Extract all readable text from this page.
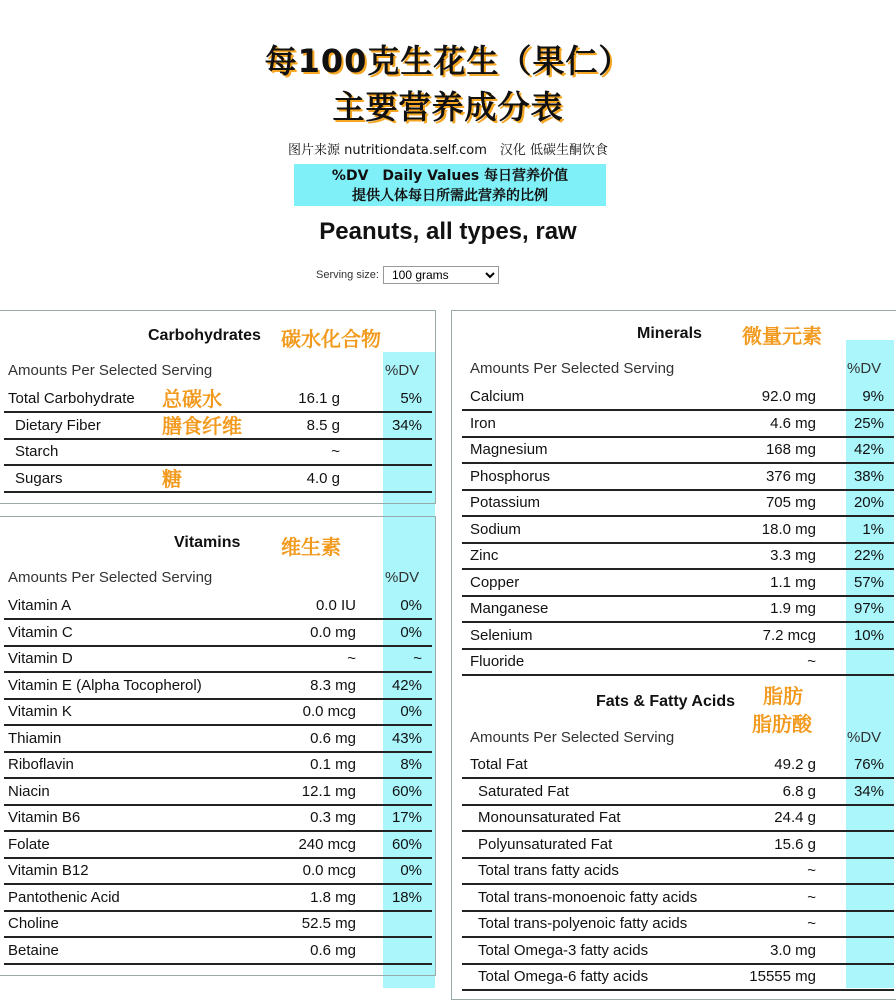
每100克生花生（果仁）
主要营养成分表
图片来源 nutritiondata.self.com　汉化 低碳生酮饮食
%DV　Daily Values 每日营养价值
提供人体每日所需此营养的比例
Peanuts, all types, raw
Serving size:
100 grams
Carbohydrates 碳水化合物
Amounts Per Selected Serving	%DV
Total Carbohydrate 总碳水	16.1 g	5%
Dietary Fiber	膳食纤维	8.5 g	34%
Starch	~
Sugars	糖	4.0 g
Vitamins 维生素
Amounts Per Selected Serving	%DV
Vitamin A	0.0 IU	0%
Vitamin C	0.0 mg	0%
Vitamin D	~	~
Vitamin E (Alpha Tocopherol)	8.3 mg 42%
Vitamin K	0.0 mcg	0%
Thiamin	0.6 mg 43%
Riboflavin	0.1 mg	8%
Niacin	12.1 mg 60%
Vitamin B6	0.3 mg 17%
Folate	240 mcg 60%
Vitamin B12	0.0 mcg	0%
Pantothenic Acid	1.8 mg 18%
Choline	52.5 mg
Betaine	0.6 mg
Minerals 微量元素
Amounts Per Selected Serving	%DV
Calcium	92.0 mg	9%
Iron	4.6 mg	25%
Magnesium	168 mg	42%
Phosphorus	376 mg	38%
Potassium	705 mg	20%
Sodium	18.0 mg	1%
Zinc	3.3 mg	22%
Copper	1.1 mg	57%
Manganese	1.9 mg	97%
Selenium	7.2 mcg	10%
Fluoride	~
Fats & Fatty Acids 脂肪
脂肪酸
Amounts Per Selected Serving	%DV
Total Fat	49.2 g	76%
Saturated Fat	6.8 g	34%
Monounsaturated Fat	24.4 g
Polyunsaturated Fat	15.6 g
Total trans fatty acids	~
Total trans-monoenoic fatty acids	~
Total trans-polyenoic fatty acids	~
Total Omega-3 fatty acids	3.0 mg
Total Omega-6 fatty acids	15555 mg
